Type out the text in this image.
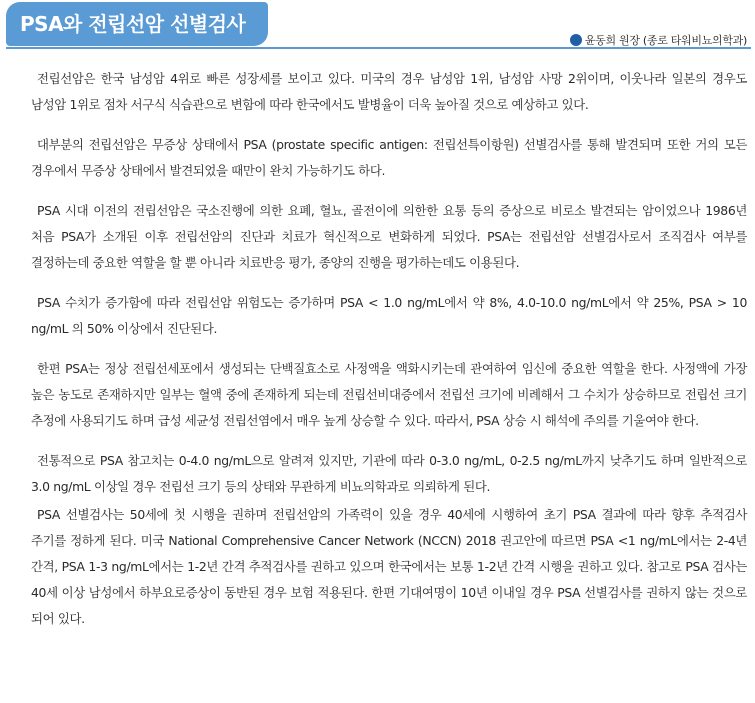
PSA와 전립선암 선별검사
윤동희 원장 (종로 타워비뇨의학과)

전립선암은 한국 남성암 4위로 빠른 성장세를 보이고 있다. 미국의 경우 남성암 1위, 남성암 사망 2위이며, 이웃나라 일본의 경우도 남성암 1위로 점차 서구식 식습관으로 변함에 따라 한국에서도 발병율이 더욱 높아질 것으로 예상하고 있다.

대부분의 전립선암은 무증상 상태에서 PSA (prostate specific antigen: 전립선특이항원) 선별검사를 통해 발견되며 또한 거의 모든 경우에서 무증상 상태에서 발견되었을 때만이 완치 가능하기도 하다.

PSA 시대 이전의 전립선암은 국소진행에 의한 요폐, 혈뇨, 골전이에 의한한 요통 등의 증상으로 비로소 발견되는 암이었으나 1986년 처음 PSA가 소개된 이후 전립선암의 진단과 치료가 혁신적으로 변화하게 되었다. PSA는 전립선암 선별검사로서 조직검사 여부를 결정하는데 중요한 역할을 할 뿐 아니라 치료반응 평가, 종양의 진행을 평가하는데도 이용된다.

PSA 수치가 증가함에 따라 전립선암 위험도는 증가하며 PSA < 1.0 ng/mL에서 약 8%, 4.0-10.0 ng/mL에서 약 25%, PSA > 10 ng/mL 의 50% 이상에서 진단된다.

한편 PSA는 정상 전립선세포에서 생성되는 단백질효소로 사정액을 액화시키는데 관여하여 임신에 중요한 역할을 한다. 사정액에 가장 높은 농도로 존재하지만 일부는 혈액 중에 존재하게 되는데 전립선비대증에서 전립선 크기에 비례해서 그 수치가 상승하므로 전립선 크기 추정에 사용되기도 하며 급성 세균성 전립선염에서 매우 높게 상승할 수 있다. 따라서, PSA 상승 시 해석에 주의를 기울여야 한다.

전통적으로 PSA 참고치는 0-4.0 ng/mL으로 알려져 있지만, 기관에 따라 0-3.0 ng/mL, 0-2.5 ng/mL까지 낮추기도 하며 일반적으로 3.0 ng/mL 이상일 경우 전립선 크기 등의 상태와 무관하게 비뇨의학과로 의뢰하게 된다.

PSA 선별검사는 50세에 첫 시행을 권하며 전립선암의 가족력이 있을 경우 40세에 시행하여 초기 PSA 결과에 따라 향후 추적검사 주기를 정하게 된다. 미국 National Comprehensive Cancer Network (NCCN) 2018 권고안에 따르면 PSA <1 ng/mL에서는 2-4년 간격, PSA 1-3 ng/mL에서는 1-2년 간격 추적검사를 권하고 있으며 한국에서는 보통 1-2년 간격 시행을 권하고 있다. 참고로 PSA 검사는 40세 이상 남성에서 하부요로증상이 동반된 경우 보험 적용된다. 한편 기대여명이 10년 이내일 경우 PSA 선별검사를 권하지 않는 것으로 되어 있다.
